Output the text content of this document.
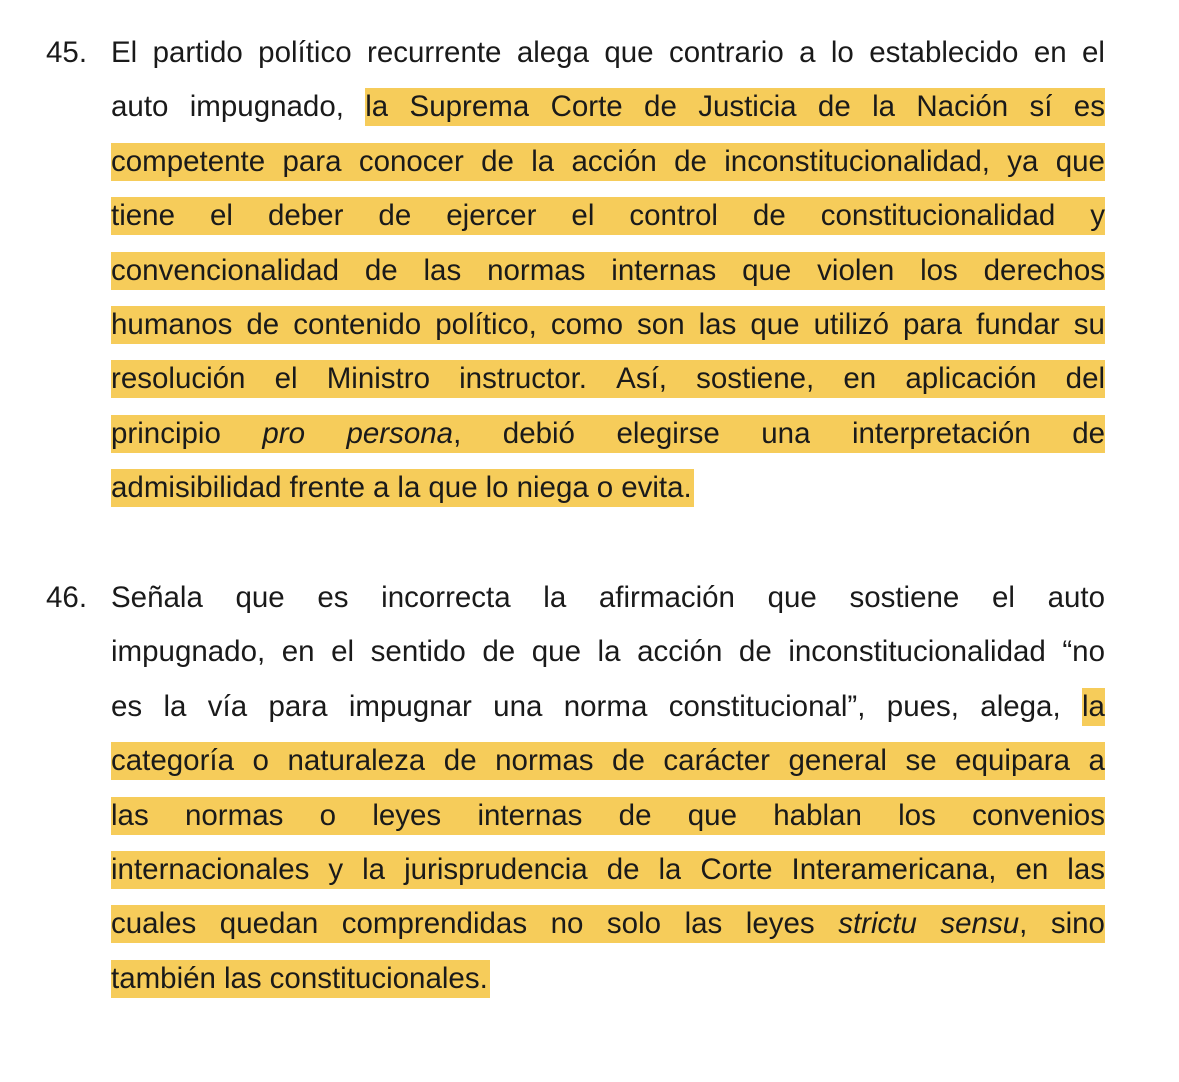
45. El partido político recurrente alega que contrario a lo establecido en el
auto impugnado, la Suprema Corte de Justicia de la Nación sí es
competente para conocer de la acción de inconstitucionalidad, ya que
tiene el deber de ejercer el control de constitucionalidad y
convencionalidad de las normas internas que violen los derechos
humanos de contenido político, como son las que utilizó para fundar su
resolución el Ministro instructor. Así, sostiene, en aplicación del
principio pro persona, debió elegirse una interpretación de
admisibilidad frente a la que lo niega o evita.
46. Señala que es incorrecta la afirmación que sostiene el auto
impugnado, en el sentido de que la acción de inconstitucionalidad “no
es la vía para impugnar una norma constitucional”, pues, alega, la
categoría o naturaleza de normas de carácter general se equipara a
las normas o leyes internas de que hablan los convenios
internacionales y la jurisprudencia de la Corte Interamericana, en las
cuales quedan comprendidas no solo las leyes strictu sensu, sino
también las constitucionales.
